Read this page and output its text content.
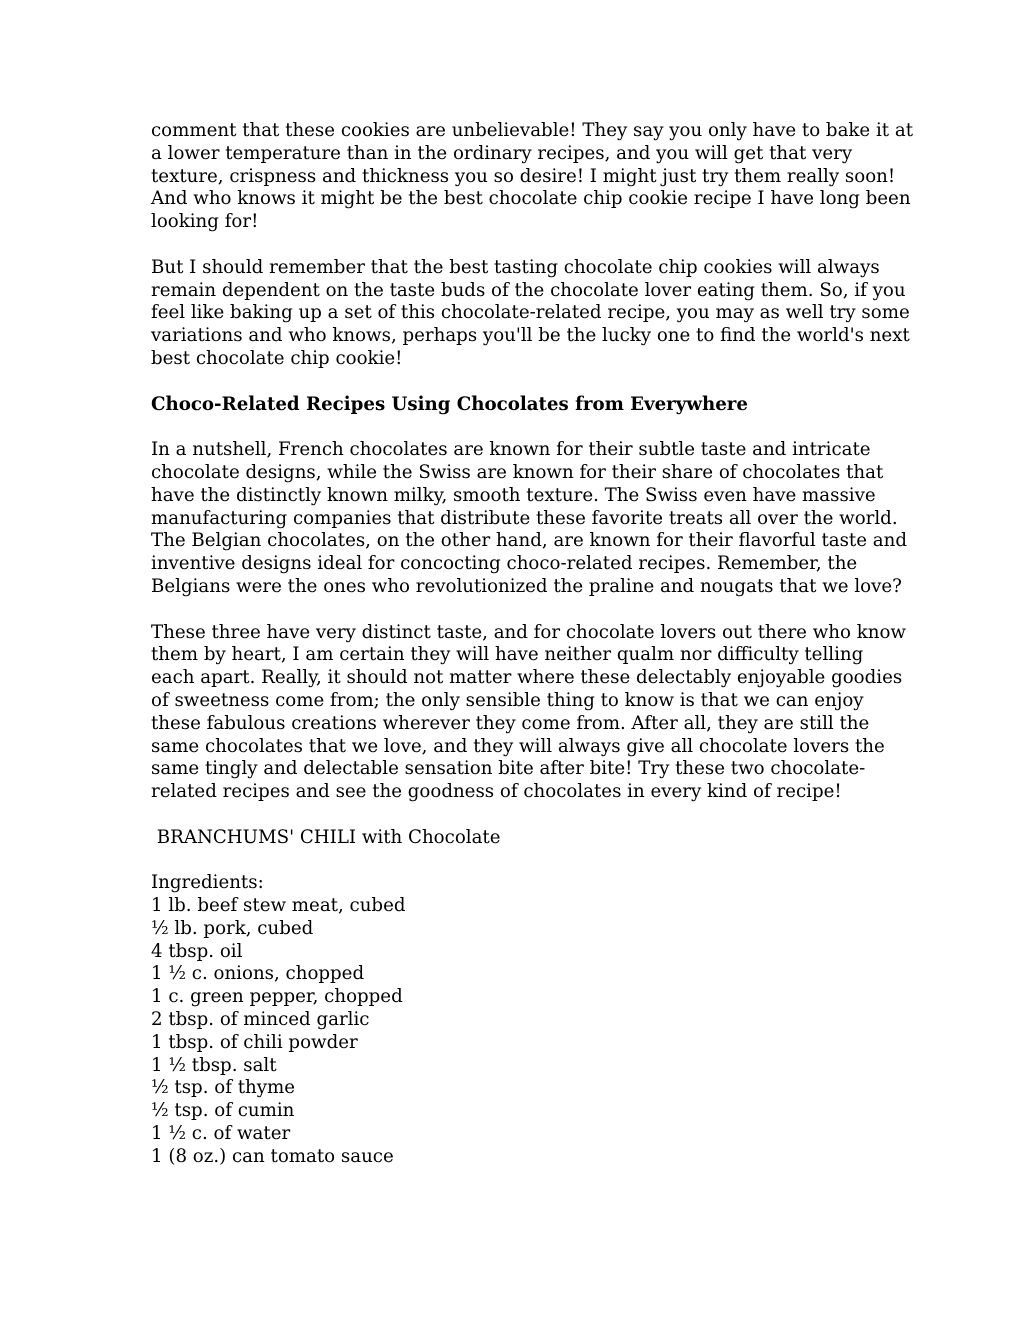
comment that these cookies are unbelievable! They say you only have to bake it at
a lower temperature than in the ordinary recipes, and you will get that very
texture, crispness and thickness you so desire! I might just try them really soon!
And who knows it might be the best chocolate chip cookie recipe I have long been
looking for!
But I should remember that the best tasting chocolate chip cookies will always
remain dependent on the taste buds of the chocolate lover eating them. So, if you
feel like baking up a set of this chocolate-related recipe, you may as well try some
variations and who knows, perhaps you'll be the lucky one to find the world's next
best chocolate chip cookie!
Choco-Related Recipes Using Chocolates from Everywhere
In a nutshell, French chocolates are known for their subtle taste and intricate
chocolate designs, while the Swiss are known for their share of chocolates that
have the distinctly known milky, smooth texture. The Swiss even have massive
manufacturing companies that distribute these favorite treats all over the world.
The Belgian chocolates, on the other hand, are known for their flavorful taste and
inventive designs ideal for concocting choco-related recipes. Remember, the
Belgians were the ones who revolutionized the praline and nougats that we love?
These three have very distinct taste, and for chocolate lovers out there who know
them by heart, I am certain they will have neither qualm nor difficulty telling
each apart. Really, it should not matter where these delectably enjoyable goodies
of sweetness come from; the only sensible thing to know is that we can enjoy
these fabulous creations wherever they come from. After all, they are still the
same chocolates that we love, and they will always give all chocolate lovers the
same tingly and delectable sensation bite after bite! Try these two chocolate-
related recipes and see the goodness of chocolates in every kind of recipe!
BRANCHUMS' CHILI with Chocolate
Ingredients:
1 lb. beef stew meat, cubed
½ lb. pork, cubed
4 tbsp. oil
1 ½ c. onions, chopped
1 c. green pepper, chopped
2 tbsp. of minced garlic
1 tbsp. of chili powder
1 ½ tbsp. salt
½ tsp. of thyme
½ tsp. of cumin
1 ½ c. of water
1 (8 oz.) can tomato sauce
